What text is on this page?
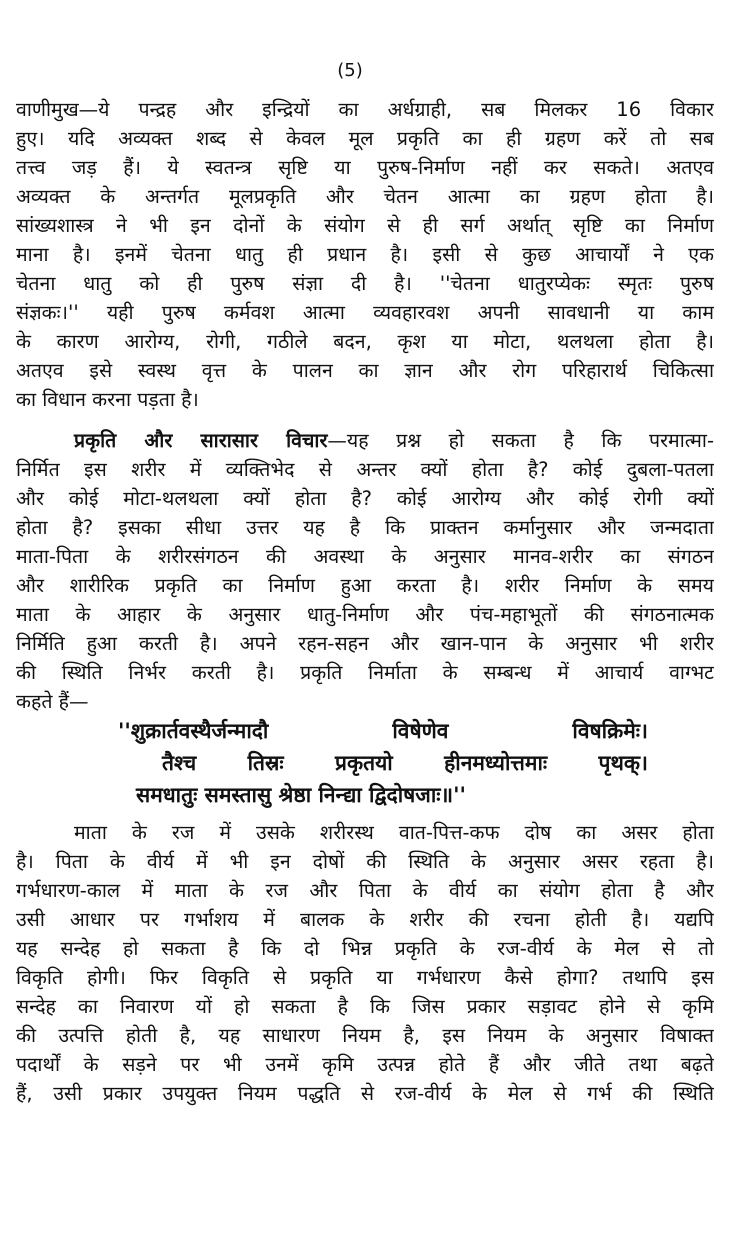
(5)
वाणीमुख—ये पन्द्रह और इन्द्रियों का अर्धग्राही, सब मिलकर 16 विकार
हुए। यदि अव्यक्त शब्द से केवल मूल प्रकृति का ही ग्रहण करें तो सब
तत्त्व जड़ हैं। ये स्वतन्त्र सृष्टि या पुरुष-निर्माण नहीं कर सकते। अतएव
अव्यक्त के अन्तर्गत मूलप्रकृति और चेतन आत्मा का ग्रहण होता है।
सांख्यशास्त्र ने भी इन दोनों के संयोग से ही सर्ग अर्थात् सृष्टि का निर्माण
माना है। इनमें चेतना धातु ही प्रधान है। इसी से कुछ आचार्यों ने एक
चेतना धातु को ही पुरुष संज्ञा दी है। ''चेतना धातुरप्येकः स्मृतः पुरुष
संज्ञकः।'' यही पुरुष कर्मवश आत्मा व्यवहारवश अपनी सावधानी या काम
के कारण आरोग्य, रोगी, गठीले बदन, कृश या मोटा, थलथला होता है।
अतएव इसे स्वस्थ वृत्त के पालन का ज्ञान और रोग परिहारार्थ चिकित्सा
का विधान करना पड़ता है।
प्रकृति और सारासार विचार—यह प्रश्न हो सकता है कि परमात्मा-
निर्मित इस शरीर में व्यक्तिभेद से अन्तर क्यों होता है? कोई दुबला-पतला
और कोई मोटा-थलथला क्यों होता है? कोई आरोग्य और कोई रोगी क्यों
होता है? इसका सीधा उत्तर यह है कि प्राक्तन कर्मानुसार और जन्मदाता
माता-पिता के शरीरसंगठन की अवस्था के अनुसार मानव-शरीर का संगठन
और शारीरिक प्रकृति का निर्माण हुआ करता है। शरीर निर्माण के समय
माता के आहार के अनुसार धातु-निर्माण और पंच-महाभूतों की संगठनात्मक
निर्मिति हुआ करती है। अपने रहन-सहन और खान-पान के अनुसार भी शरीर
की स्थिति निर्भर करती है। प्रकृति निर्माता के सम्बन्ध में आचार्य वाग्भट
कहते हैं—
''शुक्रार्तवस्थैर्जन्मादौ विषेणेव विषक्रिमेः।
तैश्च तिस्रः प्रकृतयो हीनमध्योत्तमाः पृथक्।
समधातुः समस्तासु श्रेष्ठा निन्द्या द्विदोषजाः॥''
माता के रज में उसके शरीरस्थ वात-पित्त-कफ दोष का असर होता
है। पिता के वीर्य में भी इन दोषों की स्थिति के अनुसार असर रहता है।
गर्भधारण-काल में माता के रज और पिता के वीर्य का संयोग होता है और
उसी आधार पर गर्भाशय में बालक के शरीर की रचना होती है। यद्यपि
यह सन्देह हो सकता है कि दो भिन्न प्रकृति के रज-वीर्य के मेल से तो
विकृति होगी। फिर विकृति से प्रकृति या गर्भधारण कैसे होगा? तथापि इस
सन्देह का निवारण यों हो सकता है कि जिस प्रकार सड़ावट होने से कृमि
की उत्पत्ति होती है, यह साधारण नियम है, इस नियम के अनुसार विषाक्त
पदार्थों के सड़ने पर भी उनमें कृमि उत्पन्न होते हैं और जीते तथा बढ़ते
हैं, उसी प्रकार उपयुक्त नियम पद्धति से रज-वीर्य के मेल से गर्भ की स्थिति
